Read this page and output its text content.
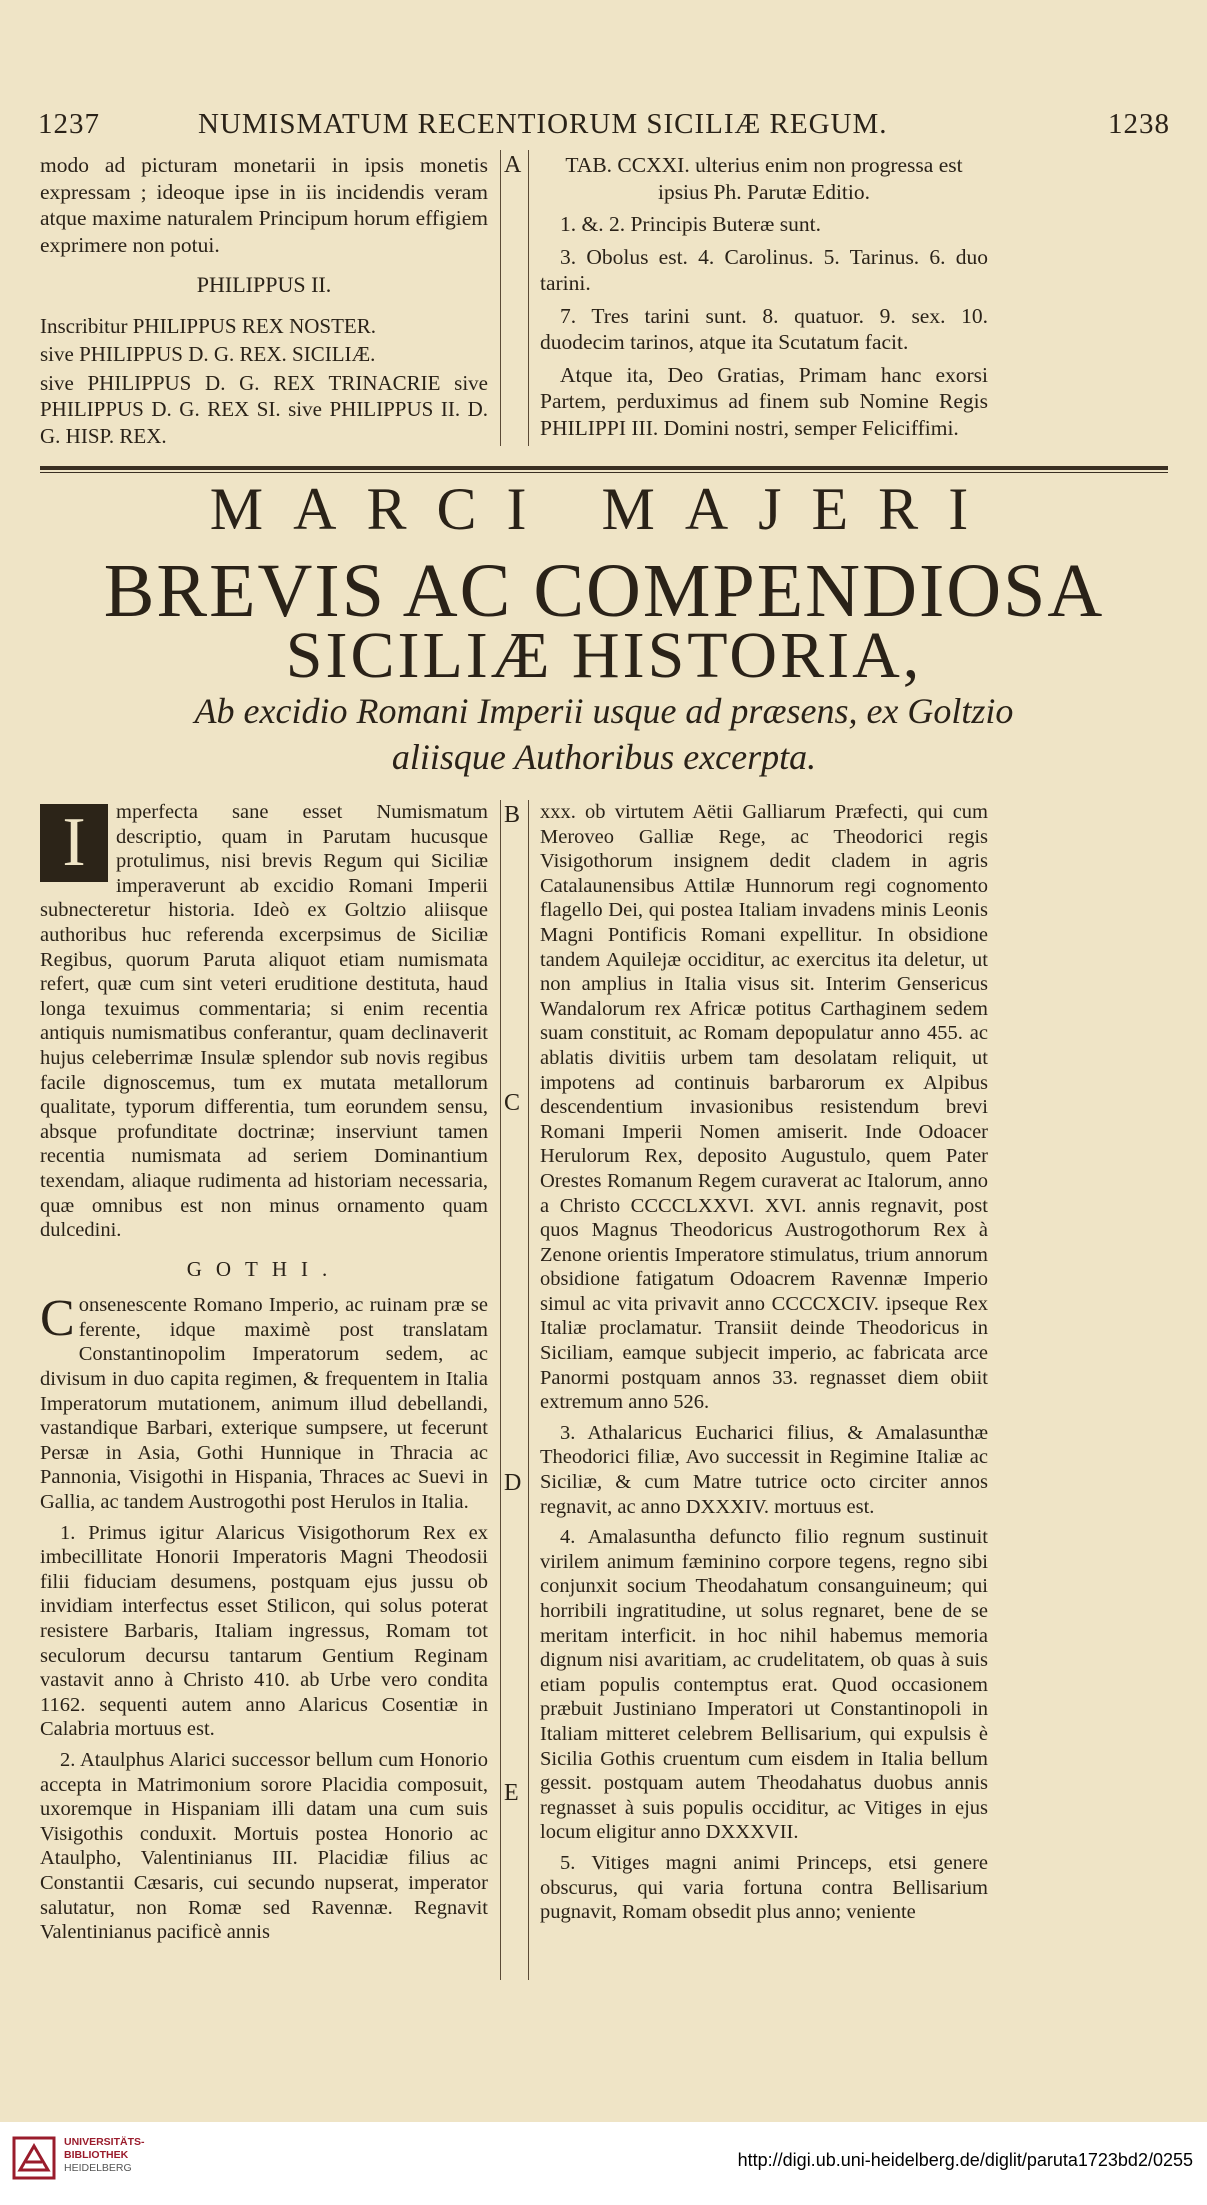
1237	NUMISMATUM RECENTIORUM SICILIÆ REGUM.	1238

modo ad picturam monetarii in ipsis monetis expressam ; ideoque ipse in iis incidendis veram atque maxime naturalem Principum horum effigiem exprimere non potui.

PHILIPPUS II.

Inscribitur PHILIPPUS REX NOSTER.

sive PHILIPPUS D. G. REX. SICILIÆ.

sive PHILIPPUS D. G. REX TRINACRIE sive PHILIPPUS D. G. REX SI. sive PHILIPPUS II. D. G. HISP. REX.

A	TAB. CCXXI. ulterius enim non progressa est ipsius Ph. Parutæ Editio.

1. &. 2. Principis Buteræ sunt.

3. Obolus est. 4. Carolinus. 5. Tarinus. 6. duo tarini.

7. Tres tarini sunt. 8. quatuor. 9. sex. 10. duodecim tarinos, atque ita Scutatum facit.

Atque ita, Deo Gratias, Primam hanc exorsi Partem, perduximus ad finem sub Nomine Regis PHILIPPI III. Domini nostri, semper Feliciffimi.

MARCI MAJERI
BREVIS AC COMPENDIOSA
SICILIÆ HISTORIA,
Ab excidio Romani Imperii usque ad præsens, ex Goltzio
aliisque Authoribus excerpta.
B
C
D
E

I	mperfecta sane esset Numismatum descriptio, quam in Parutam hucusque protulimus, nisi brevis Regum qui Siciliæ imperaverunt ab excidio Romani Imperii subnecteretur historia. Ideò ex Goltzio aliisque authoribus huc referenda excerpsimus de Siciliæ Regibus, quorum Paruta aliquot etiam numismata refert, quæ cum sint veteri eruditione destituta, haud longa texuimus commentaria; si enim recentia antiquis numismatibus conferantur, quam declinaverit hujus celeberrimæ Insulæ splendor sub novis regibus facile dignoscemus, tum ex mutata metallorum qualitate, typorum differentia, tum eorundem sensu, absque profunditate doctrinæ; inserviunt tamen recentia numismata ad seriem Dominantium texendam, aliaque rudimenta ad historiam necessaria, quæ omnibus est non minus ornamento quam dulcedini.

GOTHI.

Consenescente Romano Imperio, ac ruinam præ se ferente, idque maximè post translatam Constantinopolim Imperatorum sedem, ac divisum in duo capita regimen, & frequentem in Italia Imperatorum mutationem, animum illud debellandi, vastandique Barbari, exterique sumpsere, ut fecerunt Persæ in Asia, Gothi Hunnique in Thracia ac Pannonia, Visigothi in Hispania, Thraces ac Suevi in Gallia, ac tandem Austrogothi post Herulos in Italia.

1. Primus igitur Alaricus Visigothorum Rex ex imbecillitate Honorii Imperatoris Magni Theodosii filii fiduciam desumens, postquam ejus jussu ob invidiam interfectus esset Stilicon, qui solus poterat resistere Barbaris, Italiam ingressus, Romam tot seculorum decursu tantarum Gentium Reginam vastavit anno à Christo 410. ab Urbe vero condita 1162. sequenti autem anno Alaricus Cosentiæ in Calabria mortuus est.

2. Ataulphus Alarici successor bellum cum Honorio accepta in Matrimonium sorore Placidia composuit, uxoremque in Hispaniam illi datam una cum suis Visigothis conduxit. Mortuis postea Honorio ac Ataulpho, Valentinianus III. Placidiæ filius ac Constantii Cæsaris, cui secundo nupserat, imperator salutatur, non Romæ sed Ravennæ. Regnavit Valentinianus pacificè annis

xxx. ob virtutem Aëtii Galliarum Præfecti, qui cum Meroveo Galliæ Rege, ac Theodorici regis Visigothorum insignem dedit cladem in agris Catalaunensibus Attilæ Hunnorum regi cognomento flagello Dei, qui postea Italiam invadens minis Leonis Magni Pontificis Romani expellitur. In obsidione tandem Aquilejæ occiditur, ac exercitus ita deletur, ut non amplius in Italia visus sit. Interim Gensericus Wandalorum rex Africæ potitus Carthaginem sedem suam constituit, ac Romam depopulatur anno 455. ac ablatis divitiis urbem tam desolatam reliquit, ut impotens ad continuis barbarorum ex Alpibus descendentium invasionibus resistendum brevi Romani Imperii Nomen amiserit. Inde Odoacer Herulorum Rex, deposito Augustulo, quem Pater Orestes Romanum Regem curaverat ac Italorum, anno a Christo CCCCLXXVI. XVI. annis regnavit, post quos Magnus Theodoricus Austrogothorum Rex à Zenone orientis Imperatore stimulatus, trium annorum obsidione fatigatum Odoacrem Ravennæ Imperio simul ac vita privavit anno CCCCXCIV. ipseque Rex Italiæ proclamatur. Transiit deinde Theodoricus in Siciliam, eamque subjecit imperio, ac fabricata arce Panormi postquam annos 33. regnasset diem obiit extremum anno 526.

3. Athalaricus Eucharici filius, & Amalasunthæ Theodorici filiæ, Avo successit in Regimine Italiæ ac Siciliæ, & cum Matre tutrice octo circiter annos regnavit, ac anno DXXXIV. mortuus est.

4. Amalasuntha defuncto filio regnum sustinuit virilem animum fæminino corpore tegens, regno sibi conjunxit socium Theodahatum consanguineum; qui horribili ingratitudine, ut solus regnaret, bene de se meritam interficit. in hoc nihil habemus memoria dignum nisi avaritiam, ac crudelitatem, ob quas à suis etiam populis contemptus erat. Quod occasionem præbuit Justiniano Imperatori ut Constantinopoli in Italiam mitteret celebrem Bellisarium, qui expulsis è Sicilia Gothis cruentum cum eisdem in Italia bellum gessit. postquam autem Theodahatus duobus annis regnasset à suis populis occiditur, ac Vitiges in ejus locum eligitur anno DXXXVII.

5. Vitiges magni animi Princeps, etsi genere obscurus, qui varia fortuna contra Bellisarium pugnavit, Romam obsedit plus anno; veniente

UNIVERSITÄTS-
BIBLIOTHEK
HEIDELBERG	http://digi.ub.uni-heidelberg.de/diglit/paruta1723bd2/0255
